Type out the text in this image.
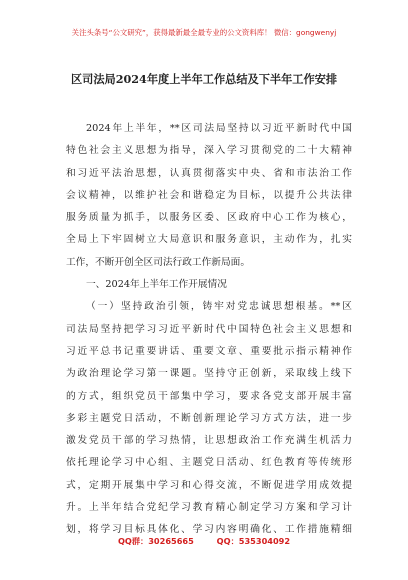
关注头条号“公文研究”，获得最新最全最专业的公文资料库！ 微信：gongwenyj
区司法局2024年度上半年工作总结及下半年工作安排
2024年上半年，**区司法局坚持以习近平新时代中国
特色社会主义思想为指导，深入学习贯彻党的二十大精神
和习近平法治思想，认真贯彻落实中央、省和市法治工作
会议精神，以维护社会和谐稳定为目标，以提升公共法律
服务质量为抓手，以服务区委、区政府中心工作为核心，
全局上下牢固树立大局意识和服务意识，主动作为，扎实
工作，不断开创全区司法行政工作新局面。
一、2024年上半年工作开展情况
（一）坚持政治引领，铸牢对党忠诚思想根基。**区
司法局坚持把学习习近平新时代中国特色社会主义思想和
习近平总书记重要讲话、重要文章、重要批示指示精神作
为政治理论学习第一课题。坚持守正创新，采取线上线下
的方式，组织党员干部集中学习，要求各党支部开展丰富
多彩主题党日活动，不断创新理论学习方式方法，进一步
激发党员干部的学习热情，让思想政治工作充满生机活力
依托理论学习中心组、主题党日活动、红色教育等传统形
式，定期开展集中学习和心得交流，不断促进学用成效提
升。上半年结合党纪学习教育精心制定学习方案和学习计
划，将学习目标具体化、学习内容明确化、工作措施精细
QQ群：30265665	QQ：535304092
